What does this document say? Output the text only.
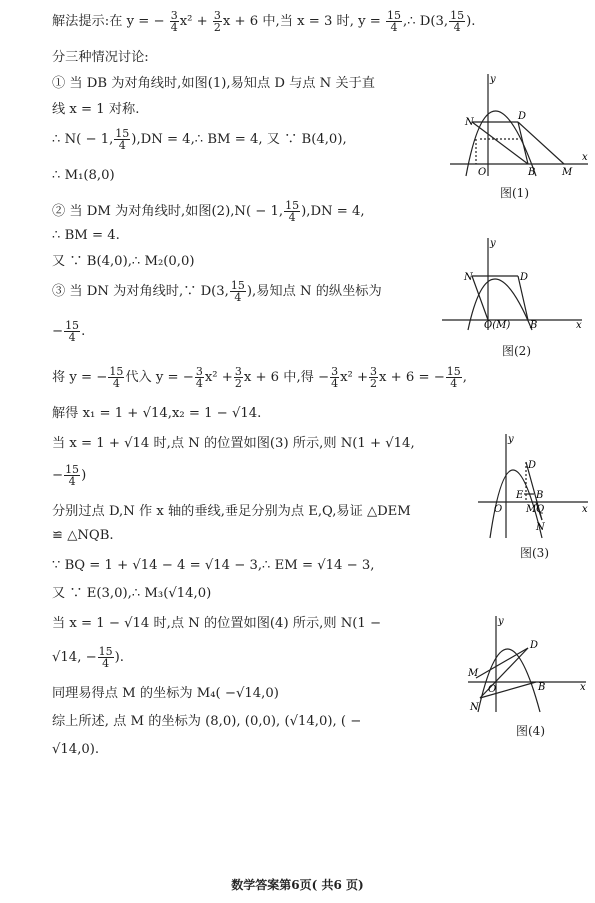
解法提示:在 y = − $\frac{3}{4} x^2 + \frac{3}{2}$ x + 6 中,当 x = 3 时, $y = \frac{15}{4}$ ,∴ D(3, $\frac{15}{4}$ ).
分三种情况讨论:
① 当 DB 为对角线时,如图(1),易知点 D 与点 N 关于直
线 x = 1 对称.
∴ N( − 1, $\frac{15}{4} ),DN$ = 4,∴ BM = 4, 又 ∵ B(4,0),
∴ M₁(8,0)
② 当 DM 为对角线时,如图(2),N( − 1, $\frac{15}{4} ),DN = 4$,
∴ BM = 4.
又 ∵ B(4,0),∴ M₂(0,0)
③ 当 DN 为对角线时,∵ D(3, $\frac{15}{4}$ ),易知点 N 的纵坐标为
− $\frac{15}{4}$ .
将 y = − $\frac{15}{4}$ 代入 y = − $\frac{3}{4} x^2 + \frac{3}{2}$ x + 6 中,得 − $\frac{3}{4} x^2 + \frac{3}{2}$ x + 6 = − $\frac{15}{4}$ ,
解得 x₁ = 1 + √14,x₂ = 1 − √14.
当 x = 1 + √14 时,点 N 的位置如图(3) 所示,则 N(1 + √14,
− $\frac{15}{4}$ )
分别过点 D,N 作 x 轴的垂线,垂足分别为点 E,Q,易证 △DEM
≌ △NQB.
∵ BQ = 1 + √14 − 4 = √14 − 3,∴ EM = √14 − 3,
又 ∵ E(3,0),∴ M₃(√14,0)
当 x = 1 − √14 时,点 N 的位置如图(4) 所示,则 N(1 −
√14, − $\frac{15}{4}$ ).
同理易得点 M 的坐标为 M₄( −√14,0)
综上所述, 点 M 的坐标为 (8,0), (0,0), (√14,0), ( −
√14,0).
y
x
O
N
D
B	M
图(1)
y
x
O(M)
N	D
B
图(2)
y
x
O
D
E B
M Q
N
图(3)
y
x
O
D
B
M
N
图(4)
数学答案第6页( 共6 页)
